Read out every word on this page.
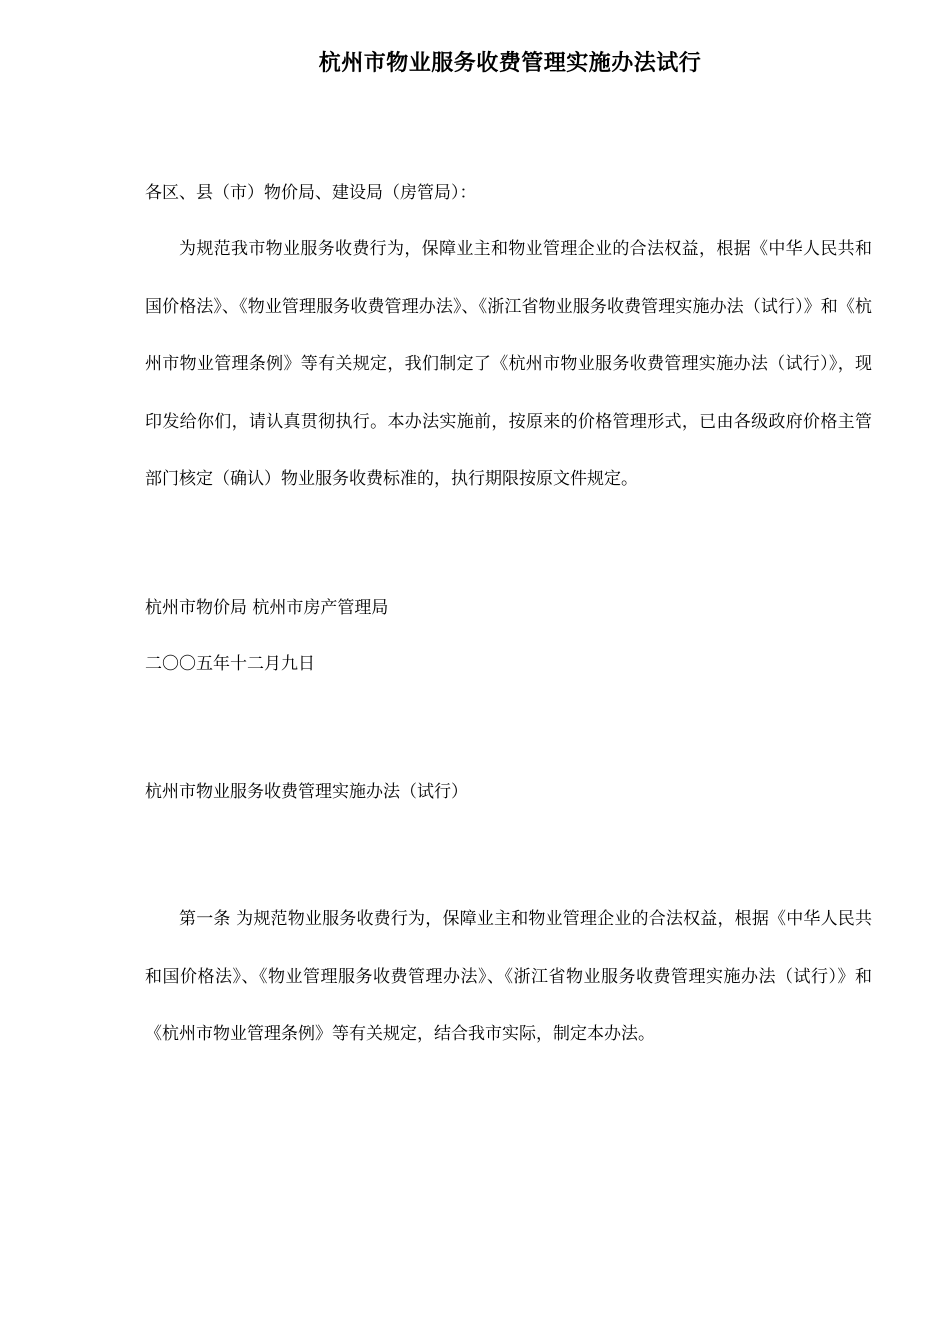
杭州市物业服务收费管理实施办法试行
各区、县（市）物价局、建设局（房管局）：
为规范我市物业服务收费行为，保障业主和物业管理企业的合法权益，根据《中华人民共和国价格法》、《物业管理服务收费管理办法》、《浙江省物业服务收费管理实施办法（试行）》和《杭州市物业管理条例》等有关规定，我们制定了《杭州市物业服务收费管理实施办法（试行）》，现印发给你们，请认真贯彻执行。本办法实施前，按原来的价格管理形式，已由各级政府价格主管部门核定（确认）物业服务收费标准的，执行期限按原文件规定。
杭州市物价局 杭州市房产管理局
二〇〇五年十二月九日
杭州市物业服务收费管理实施办法（试行）
第一条 为规范物业服务收费行为，保障业主和物业管理企业的合法权益，根据《中华人民共和国价格法》、《物业管理服务收费管理办法》、《浙江省物业服务收费管理实施办法（试行）》和《杭州市物业管理条例》等有关规定，结合我市实际，制定本办法。
